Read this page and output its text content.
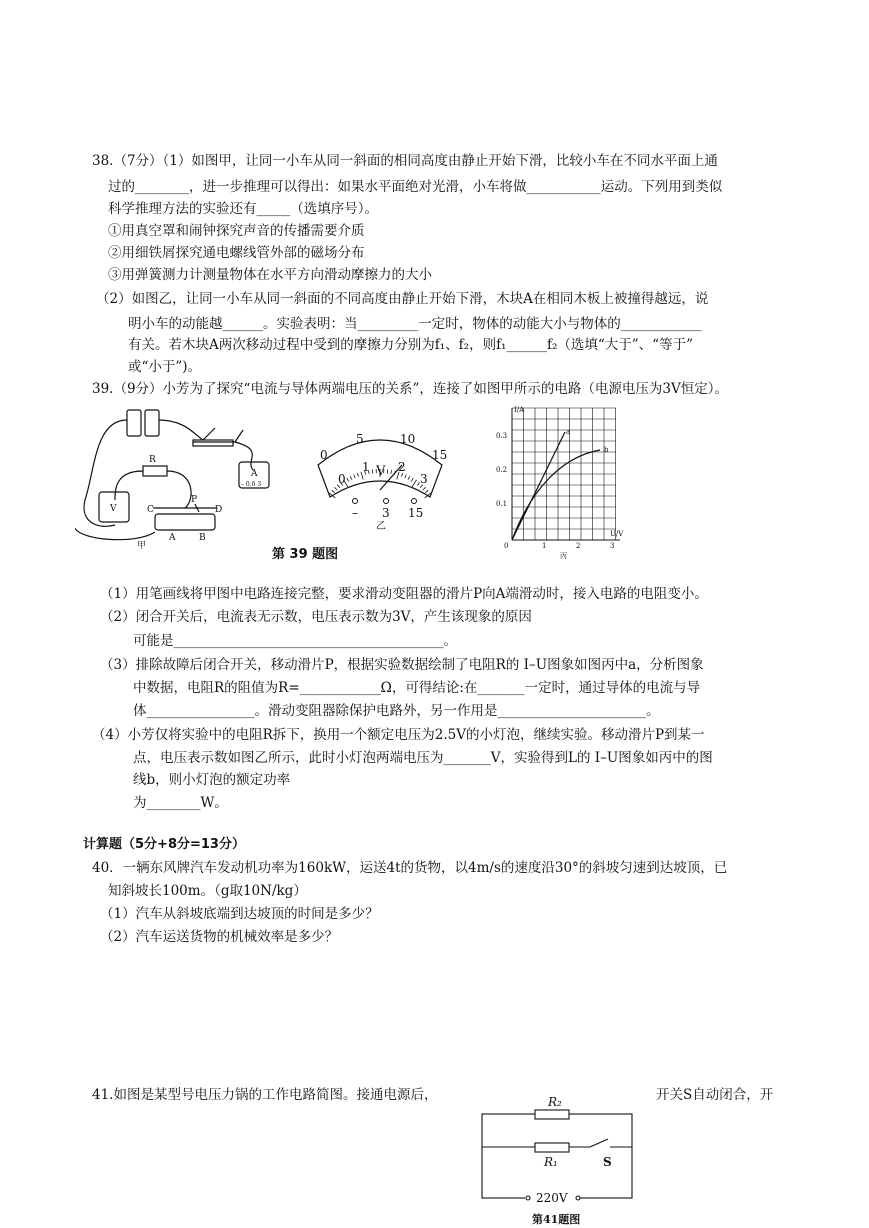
38.（7分）（1）如图甲，让同一小车从同一斜面的相同高度由静止开始下滑，比较小车在不同水平面上通
过的________，进一步推理可以得出：如果水平面绝对光滑，小车将做___________运动。下列用到类似
科学推理方法的实验还有_____（选填序号）。
①用真空罩和闹钟探究声音的传播需要介质
②用细铁屑探究通电螺线管外部的磁场分布
③用弹簧测力计测量物体在水平方向滑动摩擦力的大小
（2）如图乙，让同一小车从同一斜面的不同高度由静止开始下滑，木块A在相同木板上被撞得越远，说
明小车的动能越______。实验表明：当_________一定时，物体的动能大小与物体的____________
有关。若木块A两次移动过程中受到的摩擦力分别为f₁、f₂，则f₁______f₂（选填“大于”、“等于”
或“小于”)。
39.（9分）小芳为了探究“电流与导体两端电压的关系”，连接了如图甲所示的电路（电源电压为3V恒定）。
R
P
C	D
A	B
V
A
– 0.6 3
甲
0
5	10
15
0
1 2
3
V
– 3 15
乙
I/A
U/V
0.3
0.2
0.1
0	1	2	3
a
b
丙
第 39 题图
（1）用笔画线将甲图中电路连接完整，要求滑动变阻器的滑片P向A端滑动时，接入电路的电阻变小。
（2）闭合开关后，电流表无示数，电压表示数为3V，产生该现象的原因
可能是________________________________________。
（3）排除故障后闭合开关，移动滑片P，根据实验数据绘制了电阻R的 I–U图象如图丙中a，分析图象
中数据，电阻R的阻值为R=____________Ω，可得结论:在_______一定时，通过导体的电流与导
体________________。滑动变阻器除保护电路外，另一作用是______________________。
（4）小芳仅将实验中的电阻R拆下，换用一个额定电压为2.5V的小灯泡，继续实验。移动滑片P到某一
点，电压表示数如图乙所示，此时小灯泡两端电压为_______V，实验得到L的 I–U图象如丙中的图
线b，则小灯泡的额定功率
为________W。
计算题（5分+8分=13分）
40．一辆东风牌汽车发动机功率为160kW，运送4t的货物，以4m/s的速度沿30°的斜坡匀速到达坡顶，已
知斜坡长100m。（g取10N/kg）
（1）汽车从斜坡底端到达坡顶的时间是多少？
（2）汽车运送货物的机械效率是多少？
41.如图是某型号电压力锅的工作电路简图。接通电源后，	开关S自动闭合，开
R₂
R₁	S
220V
第41题图
